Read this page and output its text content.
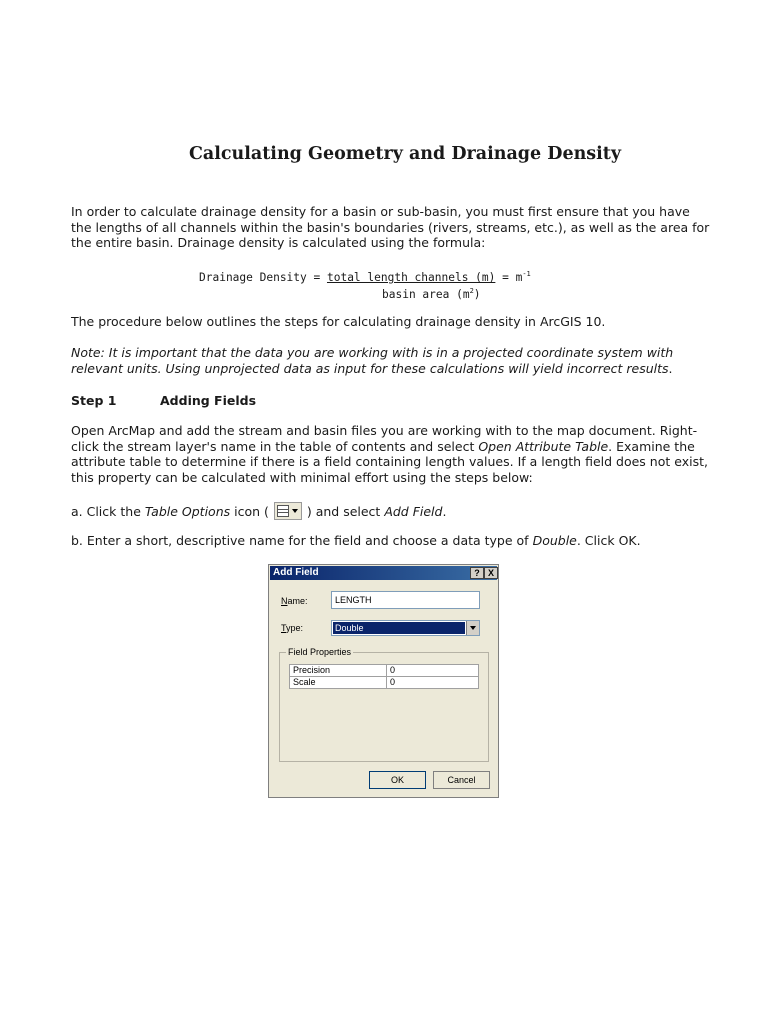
Calculating Geometry and Drainage Density

In order to calculate drainage density for a basin or sub-basin, you must first ensure that you have the lengths of all channels within the basin's boundaries (rivers, streams, etc.), as well as the area for the entire basin. Drainage density is calculated using the formula:

Drainage Density = total length channels $(m) = m^{-1}$
basin area $(m^2)$

The procedure below outlines the steps for calculating drainage density in ArcGIS 10.

Note: It is important that the data you are working with is in a projected coordinate system with relevant units. Using unprojected data as input for these calculations will yield incorrect results.

Step 1	Adding Fields

Open ArcMap and add the stream and basin files you are working with to the map document. Right-click the stream layer's name in the table of contents and select Open Attribute Table. Examine the attribute table to determine if there is a field containing length values. If a length field does not exist, this property can be calculated with minimal effort using the steps below:

a. Click the Table Options icon (
) and select Add Field.

b. Enter a short, descriptive name for the field and choose a data type of Double. Click OK.

Add Field	? X
Name:	LENGTH
Type:	Double
Field Properties
Precision	0
Scale	0
OK	Cancel
